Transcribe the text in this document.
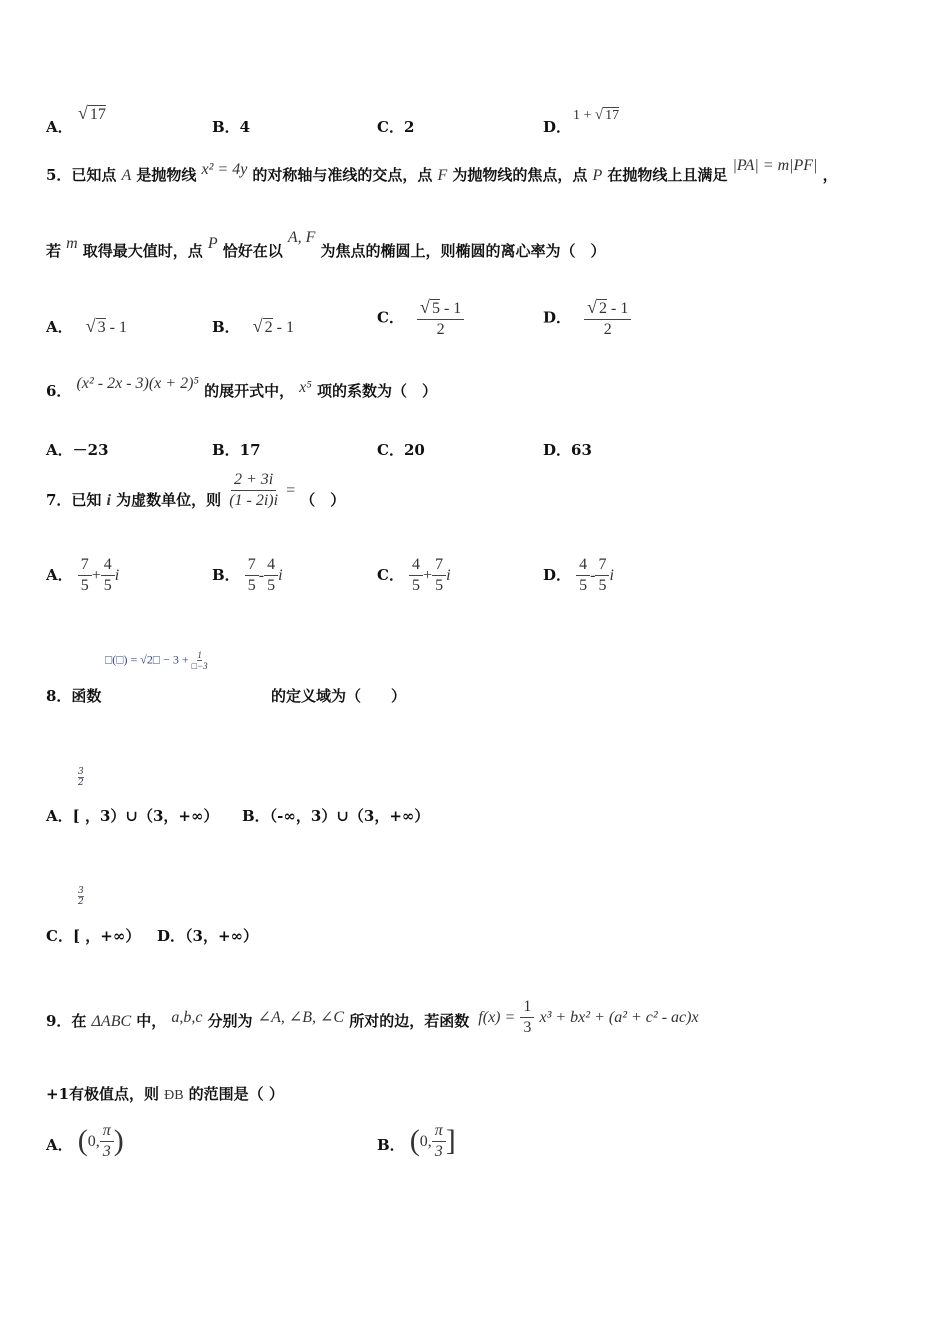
A．
√ 17
B．4	C．2	D．
1 + √ 17
5．已知点 A 是抛物线 x² = 4y 的对称轴与准线的交点，点 F 为抛物线的焦点，点 P 在抛物线上且满足 |PA| = m|PF| ，
若 m 取得最大值时，点 P 恰好在以 A, F 为焦点的椭圆上，则椭圆的离心率为（　）
A． √ 3 - 1	B． √ 2 - 1
C． $\frac{√ 5 - 1}{2}$	D． $\frac{√ 2 - 1}{2}$
6． (x² - 2x - 3)(x + 2)⁵ 的展开式中， x⁵ 项的系数为（　）
A．－23	B．17	C．20	D．63
7．已知 i 为虚数单位，则 $\frac{2 + 3i}{(1 - 2i)i}$ = （　）
A． $\frac{7}{5} + \frac{4}{5}$ i	B． $\frac{7}{5} - \frac{4}{5}$ i	C． $\frac{4}{5} + \frac{7}{5}$ i	D． $\frac{4}{5} - \frac{7}{5}$ i
□(□) = √2□ − $3 + \frac{1}{□-3}$
8．函数	的定义域为（　　）
3
2
A．[ ，3）∪（3，+∞） B．（-∞，3）∪（3，+∞）
3
2
C．[ ，+∞） D．（3，+∞）
9．在 ΔABC 中， a,b,c 分别为 ∠A, ∠B, ∠C 所对的边，若函数 $f(x) = \frac{1}{3} x^3 + bx^2 + (a^2 + c^2 - ac)x$
+1有极值点，则 ÐB 的范围是（ ）
A． (0, $\frac{\pi}{3}$ )	B． (0, $\frac{\pi}{3}$ ]
